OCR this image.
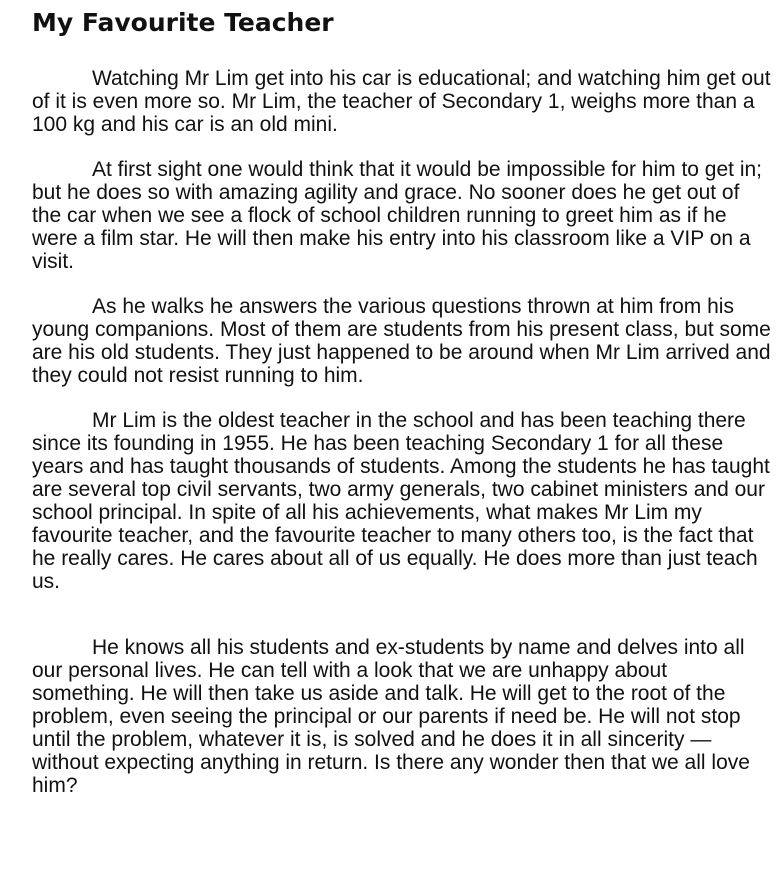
My Favourite Teacher

Watching Mr Lim get into his car is educational; and watching him get out of it is even more so. Mr Lim, the teacher of Secondary 1, weighs more than a 100 kg and his car is an old mini.

At first sight one would think that it would be impossible for him to get in; but he does so with amazing agility and grace. No sooner does he get out of the car when we see a flock of school children running to greet him as if he were a film star. He will then make his entry into his classroom like a VIP on a visit.

As he walks he answers the various questions thrown at him from his young companions. Most of them are students from his present class, but some are his old students. They just happened to be around when Mr Lim arrived and they could not resist running to him.

Mr Lim is the oldest teacher in the school and has been teaching there since its founding in 1955. He has been teaching Secondary 1 for all these years and has taught thousands of students. Among the students he has taught are several top civil servants, two army generals, two cabinet ministers and our school principal. In spite of all his achievements, what makes Mr Lim my favourite teacher, and the favourite teacher to many others too, is the fact that he really cares. He cares about all of us equally. He does more than just teach us.

He knows all his students and ex-students by name and delves into all our personal lives. He can tell with a look that we are unhappy about something. He will then take us aside and talk. He will get to the root of the problem, even seeing the principal or our parents if need be. He will not stop until the problem, whatever it is, is solved and he does it in all sincerity — without expecting anything in return. Is there any wonder then that we all love him?
